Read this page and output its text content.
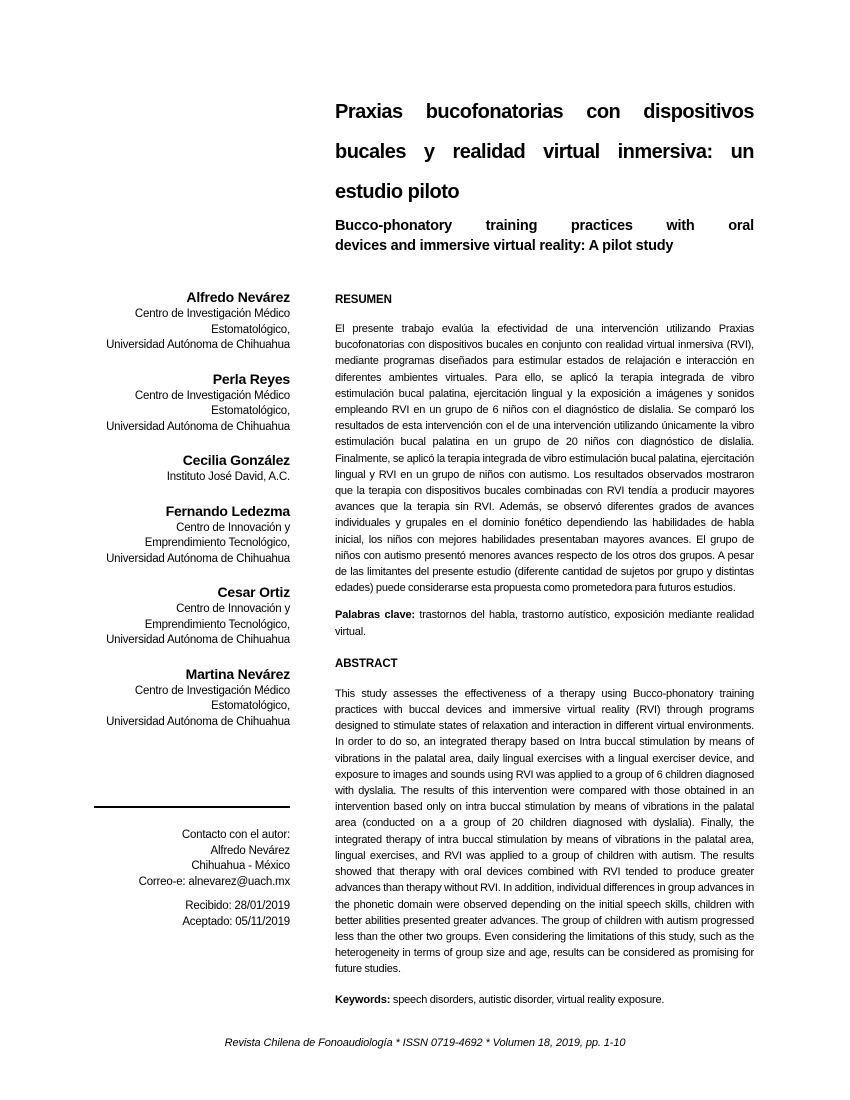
Alfredo Nevárez
Centro de Investigación Médico
Estomatológico,
Universidad Autónoma de Chihuahua
Perla Reyes
Centro de Investigación Médico
Estomatológico,
Universidad Autónoma de Chihuahua
Cecilia González
Instituto José David, A.C.
Fernando Ledezma
Centro de Innovación y
Emprendimiento Tecnológico,
Universidad Autónoma de Chihuahua
Cesar Ortiz
Centro de Innovación y
Emprendimiento Tecnológico,
Universidad Autónoma de Chihuahua
Martina Nevárez
Centro de Investigación Médico
Estomatológico,
Universidad Autónoma de Chihuahua
Contacto con el autor:
Alfredo Nevárez
Chihuahua - México
Correo-e: alnevarez@uach.mx
Recibido: 28/01/2019
Aceptado: 05/11/2019
Praxias bucofonatorias con dispositivos
bucales y realidad virtual inmersiva: un
estudio piloto
Bucco-phonatory training practices with oral
devices and immersive virtual reality: A pilot study
RESUMEN

El presente trabajo evalúa la efectividad de una intervención utilizando Praxias bucofonatorias con dispositivos bucales en conjunto con realidad virtual inmersiva (RVI), mediante programas diseñados para estimular estados de relajación e interacción en diferentes ambientes virtuales. Para ello, se aplicó la terapia integrada de vibro estimulación bucal palatina, ejercitación lingual y la exposición a imágenes y sonidos empleando RVI en un grupo de 6 niños con el diagnóstico de dislalia. Se comparó los resultados de esta intervención con el de una intervención utilizando únicamente la vibro estimulación bucal palatina en un grupo de 20 niños con diagnóstico de dislalia. Finalmente, se aplicó la terapia integrada de vibro estimulación bucal palatina, ejercitación lingual y RVI en un grupo de niños con autismo. Los resultados observados mostraron que la terapia con dispositivos bucales combinadas con RVI tendía a producir mayores avances que la terapia sin RVI. Además, se observó diferentes grados de avances individuales y grupales en el dominio fonético dependiendo las habilidades de habla inicial, los niños con mejores habilidades presentaban mayores avances. El grupo de niños con autismo presentó menores avances respecto de los otros dos grupos. A pesar de las limitantes del presente estudio (diferente cantidad de sujetos por grupo y distintas edades) puede considerarse esta propuesta como prometedora para futuros estudios.

Palabras clave: trastornos del habla, trastorno autístico, exposición mediante realidad virtual.

ABSTRACT

This study assesses the effectiveness of a therapy using Bucco-phonatory training practices with buccal devices and immersive virtual reality (RVI) through programs designed to stimulate states of relaxation and interaction in different virtual environments. In order to do so, an integrated therapy based on Intra buccal stimulation by means of vibrations in the palatal area, daily lingual exercises with a lingual exerciser device, and exposure to images and sounds using RVI was applied to a group of 6 children diagnosed with dyslalia. The results of this intervention were compared with those obtained in an intervention based only on intra buccal stimulation by means of vibrations in the palatal area (conducted on a a group of 20 children diagnosed with dyslalia). Finally, the integrated therapy of intra buccal stimulation by means of vibrations in the palatal area, lingual exercises, and RVI was applied to a group of children with autism. The results showed that therapy with oral devices combined with RVI tended to produce greater advances than therapy without RVI. In addition, individual differences in group advances in the phonetic domain were observed depending on the initial speech skills, children with better abilities presented greater advances. The group of children with autism progressed less than the other two groups. Even considering the limitations of this study, such as the heterogeneity in terms of group size and age, results can be considered as promising for future studies.

Keywords: speech disorders, autistic disorder, virtual reality exposure.

Revista Chilena de Fonoaudiología * ISSN 0719-4692 * Volumen 18, 2019, pp. 1-10
